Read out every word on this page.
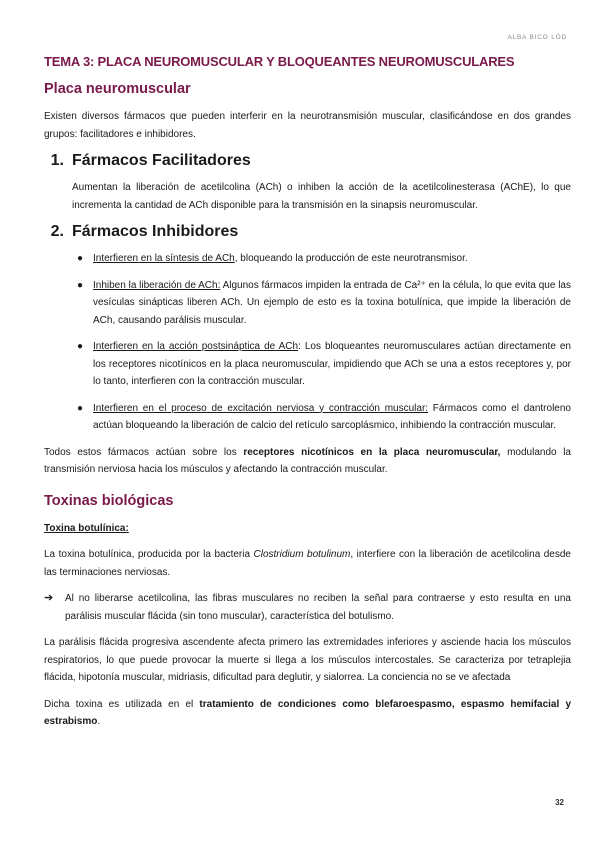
ALBA BICO LÓD
TEMA 3: PLACA NEUROMUSCULAR Y BLOQUEANTES NEUROMUSCULARES
Placa neuromuscular

Existen diversos fármacos que pueden interferir en la neurotransmisión muscular, clasificándose en dos grandes grupos: facilitadores e inhibidores.

1. Fármacos Facilitadores

Aumentan la liberación de acetilcolina (ACh) o inhiben la acción de la acetilcolinesterasa (AChE), lo que incrementa la cantidad de ACh disponible para la transmisión en la sinapsis neuromuscular.

2. Fármacos Inhibidores
● Interfieren en la síntesis de ACh, bloqueando la producción de este neurotransmisor.
● Inhiben la liberación de ACh: Algunos fármacos impiden la entrada de Ca²⁺ en la célula, lo que evita que las vesículas sinápticas liberen ACh. Un ejemplo de esto es la toxina botulínica, que impide la liberación de ACh, causando parálisis muscular.
● Interfieren en la acción postsináptica de ACh: Los bloqueantes neuromusculares actúan directamente en los receptores nicotínicos en la placa neuromuscular, impidiendo que ACh se una a estos receptores y, por lo tanto, interfieren con la contracción muscular.
● Interfieren en el proceso de excitación nerviosa y contracción muscular: Fármacos como el dantroleno actúan bloqueando la liberación de calcio del retículo sarcoplásmico, inhibiendo la contracción muscular.

Todos estos fármacos actúan sobre los receptores nicotínicos en la placa neuromuscular, modulando la transmisión nerviosa hacia los músculos y afectando la contracción muscular.

Toxinas biológicas

Toxina botulínica:

La toxina botulínica, producida por la bacteria Clostridium botulinum, interfiere con la liberación de acetilcolina desde las terminaciones nerviosas.

➔ Al no liberarse acetilcolina, las fibras musculares no reciben la señal para contraerse y esto resulta en una parálisis muscular flácida (sin tono muscular), característica del botulismo.

La parálisis flácida progresiva ascendente afecta primero las extremidades inferiores y asciende hacia los músculos respiratorios, lo que puede provocar la muerte si llega a los músculos intercostales. Se caracteriza por tetraplejia flácida, hipotonía muscular, midriasis, dificultad para deglutir, y sialorrea. La conciencia no se ve afectada

Dicha toxina es utilizada en el tratamiento de condiciones como blefaroespasmo, espasmo hemifacial y estrabismo.

32
